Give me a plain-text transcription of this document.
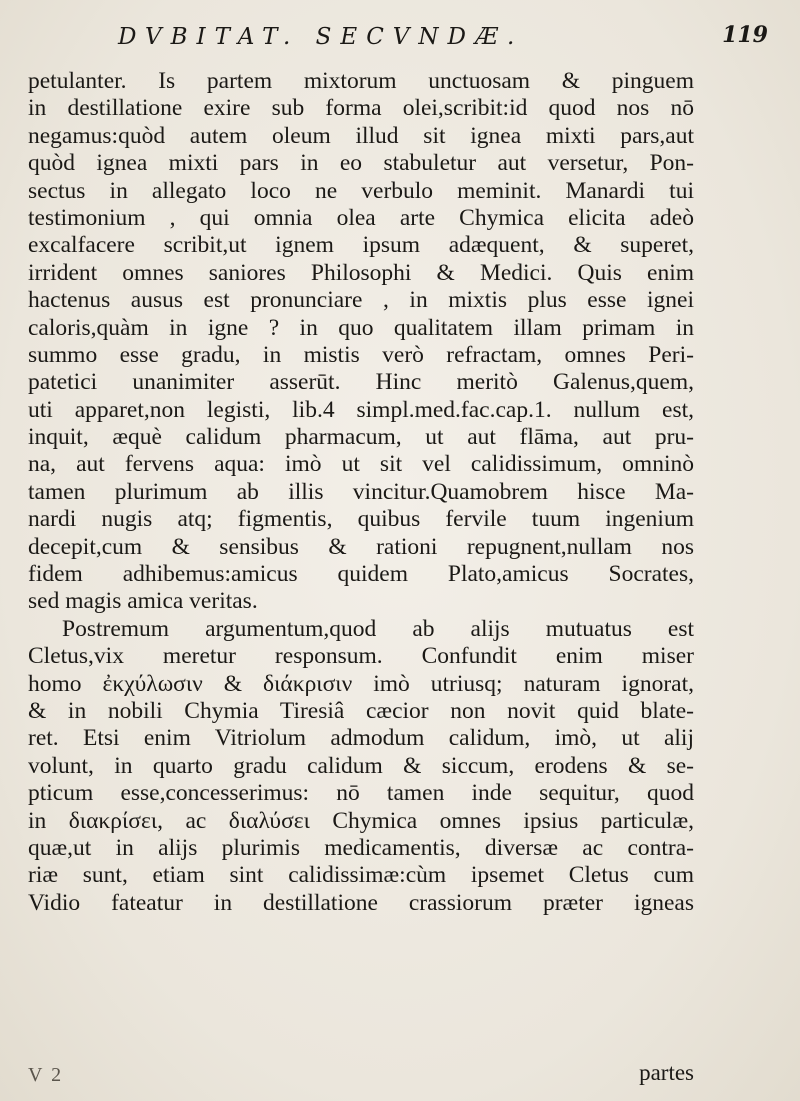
DVBITAT. SECVNDÆ.	119
petulanter. Is partem mixtorum unctuosam & pinguem
in destillatione exire sub forma olei,scribit:id quod nos nō
negamus:quòd autem oleum illud sit ignea mixti pars,aut
quòd ignea mixti pars in eo stabuletur aut versetur, Pon-
sectus in allegato loco ne verbulo meminit. Manardi tui
testimonium , qui omnia olea arte Chymica elicita adeò
excalfacere scribit,ut ignem ipsum adæquent, & superet,
irrident omnes saniores Philosophi & Medici. Quis enim
hactenus ausus est pronunciare , in mixtis plus esse ignei
caloris,quàm in igne ? in quo qualitatem illam primam in
summo esse gradu, in mistis verò refractam, omnes Peri-
patetici unanimiter asserūt. Hinc meritò Galenus,quem,
uti apparet,non legisti, lib.4 simpl.med.fac.cap.1. nullum est,
inquit, æquè calidum pharmacum, ut aut flāma, aut pru-
na, aut fervens aqua: imò ut sit vel calidissimum, omninò
tamen plurimum ab illis vincitur.Quamobrem hisce Ma-
nardi nugis atq; figmentis, quibus fervile tuum ingenium
decepit,cum & sensibus & rationi repugnent,nullam nos
fidem adhibemus:amicus quidem Plato,amicus Socrates,
sed magis amica veritas.
Postremum argumentum,quod ab alijs mutuatus est
Cletus,vix meretur responsum. Confundit enim miser
homo ἐκχύλωσιν & διάκρισιν imò utriusq; naturam ignorat,
& in nobili Chymia Tiresiâ cæcior non novit quid blate-
ret. Etsi enim Vitriolum admodum calidum, imò, ut alij
volunt, in quarto gradu calidum & siccum, erodens & se-
pticum esse,concesserimus: nō tamen inde sequitur, quod
in διακρίσει, ac διαλύσει Chymica omnes ipsius particulæ,
quæ,ut in alijs plurimis medicamentis, diversæ ac contra-
riæ sunt, etiam sint calidissimæ:cùm ipsemet Cletus cum
Vidio fateatur in destillatione crassiorum præter igneas
V 2	partes
